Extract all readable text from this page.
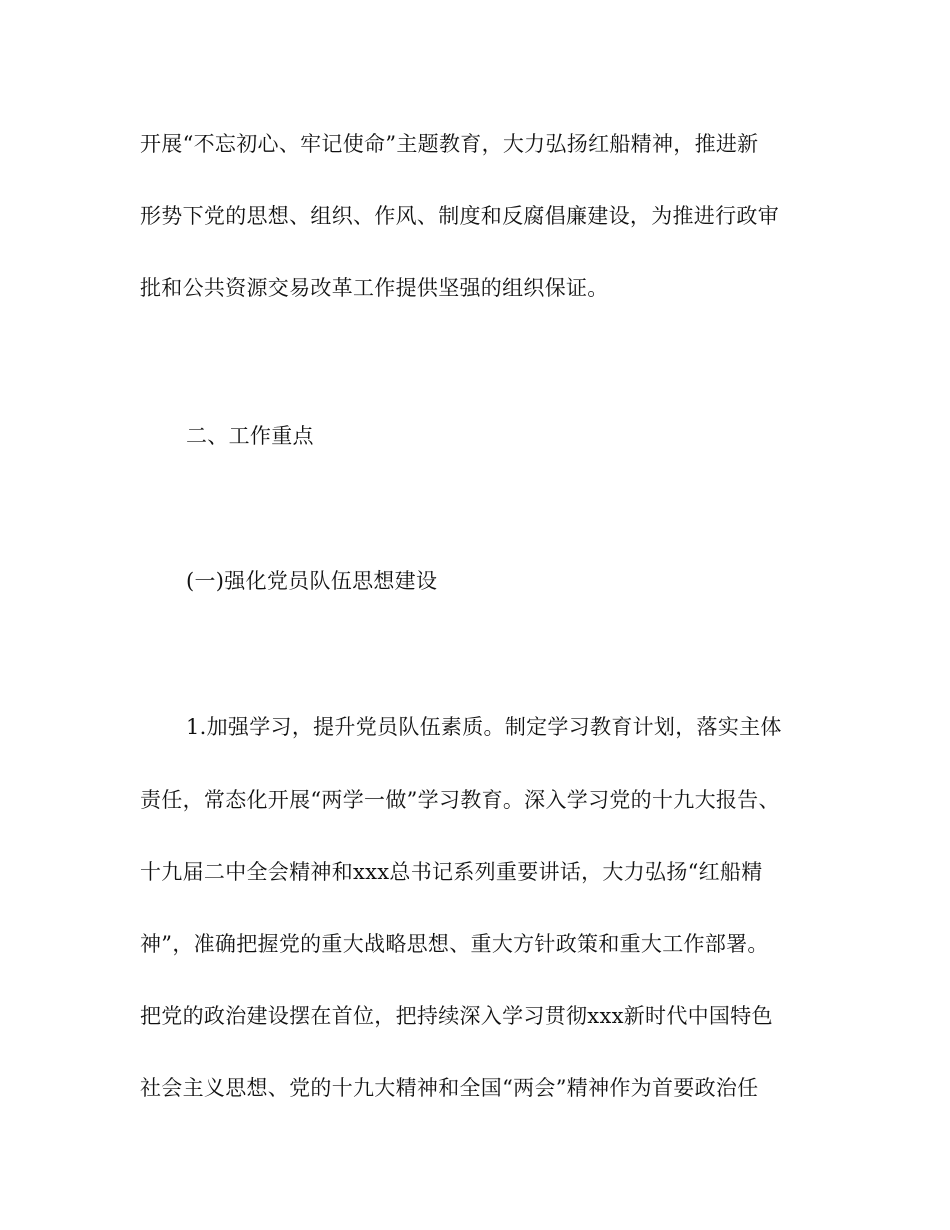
开展“不忘初心、牢记使命”主题教育，大力弘扬红船精神，推进新
形势下党的思想、组织、作风、制度和反腐倡廉建设，为推进行政审
批和公共资源交易改革工作提供坚强的组织保证。
二、工作重点
(一)强化党员队伍思想建设
1.加强学习，提升党员队伍素质。制定学习教育计划，落实主体
责任，常态化开展“两学一做”学习教育。深入学习党的十九大报告、
十九届二中全会精神和xxx总书记系列重要讲话，大力弘扬“红船精
神”，准确把握党的重大战略思想、重大方针政策和重大工作部署。
把党的政治建设摆在首位，把持续深入学习贯彻xxx新时代中国特色
社会主义思想、党的十九大精神和全国“两会”精神作为首要政治任
